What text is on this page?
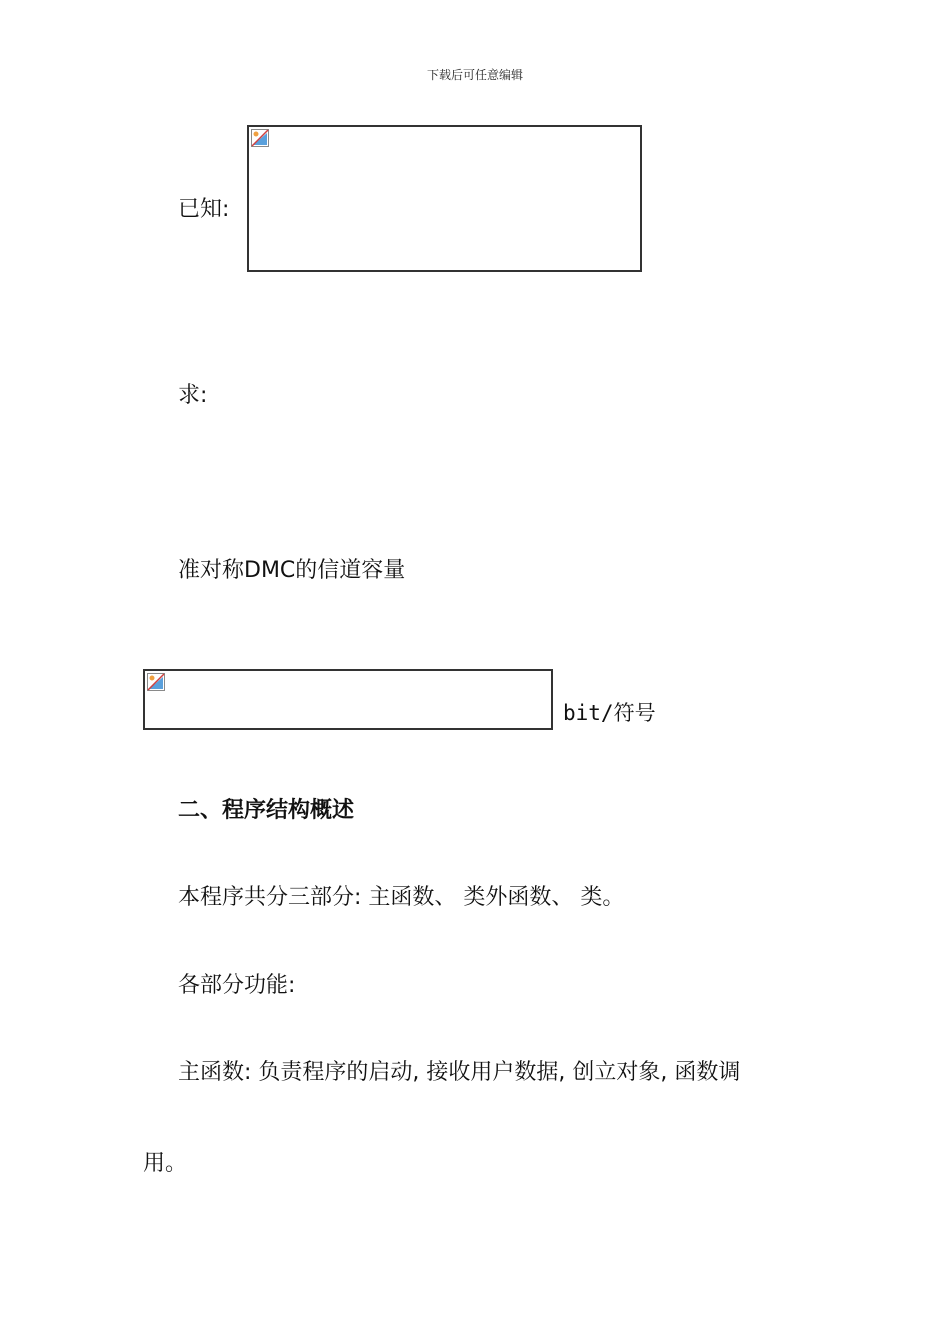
下载后可任意编辑
已知:
求:
准对称DMC的信道容量
bit/符号
二、程序结构概述
本程序共分三部分: 主函数、 类外函数、 类。
各部分功能:
主函数: 负责程序的启动, 接收用户数据, 创立对象, 函数调
用。
